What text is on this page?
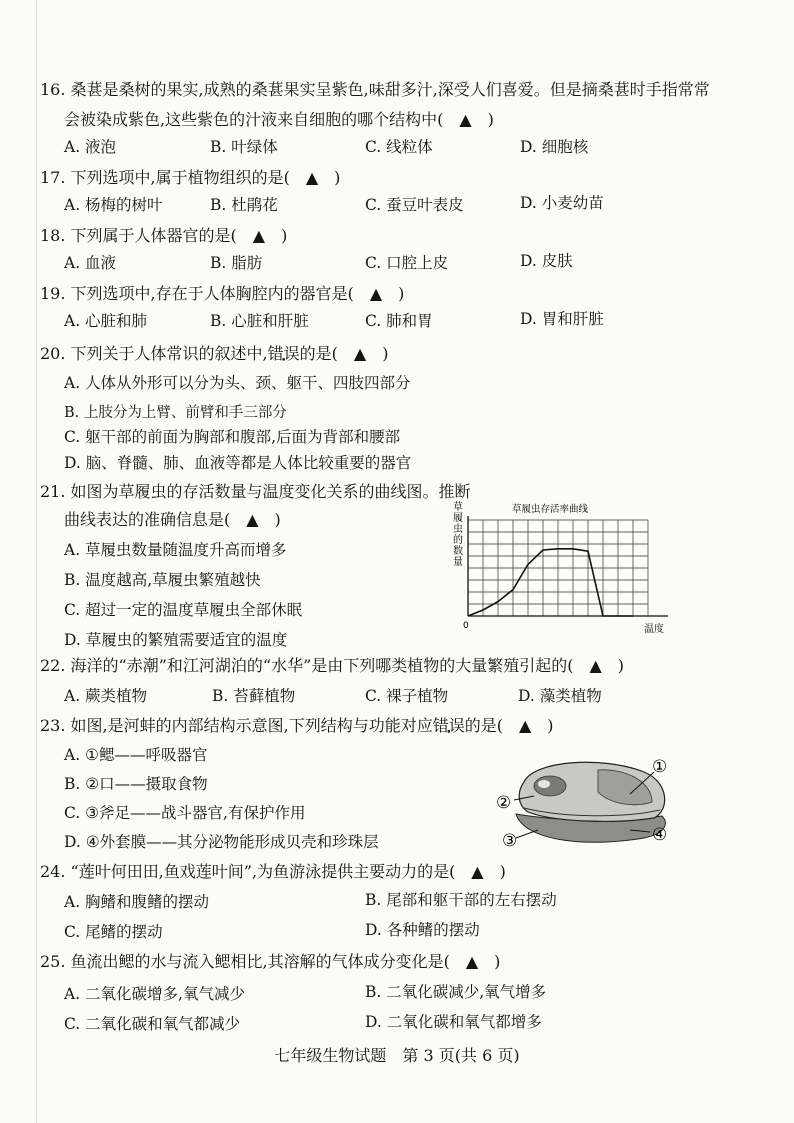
16. 桑葚是桑树的果实,成熟的桑葚果实呈紫色,味甜多汁,深受人们喜爱。但是摘桑葚时手指常常
会被染成紫色,这些紫色的汁液来自细胞的哪个结构中(　▲　)
A. 液泡	B. 叶绿体	C. 线粒体	D. 细胞核
17. 下列选项中,属于植物组织的是(　▲　)
A. 杨梅的树叶	B. 杜鹃花	C. 蚕豆叶表皮	D. 小麦幼苗
18. 下列属于人体器官的是(　▲　)
A. 血液	B. 脂肪	C. 口腔上皮	D. 皮肤
19. 下列选项中,存在于人体胸腔内的器官是(　▲　)
A. 心脏和肺	B. 心脏和肝脏	C. 肺和胃	D. 胃和肝脏
20. 下列关于人体常识的叙述中,错误的是(　▲　)
A. 人体从外形可以分为头、颈、躯干、四肢四部分
B. 上肢分为上臂、前臂和手三部分
C. 躯干部的前面为胸部和腹部,后面为背部和腰部
D. 脑、脊髓、肺、血液等都是人体比较重要的器官
21. 如图为草履虫的存活数量与温度变化关系的曲线图。推断
曲线表达的准确信息是(　▲　)
A. 草履虫数量随温度升高而增多
B. 温度越高,草履虫繁殖越快
C. 超过一定的温度草履虫全部休眠
D. 草履虫的繁殖需要适宜的温度
草履虫存活率曲线
0	温度
草履虫的数量
22. 海洋的“赤潮”和江河湖泊的“水华”是由下列哪类植物的大量繁殖引起的(　▲　)
A. 蕨类植物	B. 苔藓植物	C. 裸子植物	D. 藻类植物
23. 如图,是河蚌的内部结构示意图,下列结构与功能对应错误的是(　▲　)
A. ①鳃——呼吸器官
B. ②口——摄取食物
C. ③斧足——战斗器官,有保护作用
D. ④外套膜——其分泌物能形成贝壳和珍珠层
①
②
③	④
24. “莲叶何田田,鱼戏莲叶间”,为鱼游泳提供主要动力的是(　▲　)
A. 胸鳍和腹鳍的摆动	B. 尾部和躯干部的左右摆动
C. 尾鳍的摆动	D. 各种鳍的摆动
25. 鱼流出鳃的水与流入鳃相比,其溶解的气体成分变化是(　▲　)
A. 二氧化碳增多,氧气减少	B. 二氧化碳减少,氧气增多
C. 二氧化碳和氧气都减少	D. 二氧化碳和氧气都增多
七年级生物试题　第 3 页(共 6 页)
